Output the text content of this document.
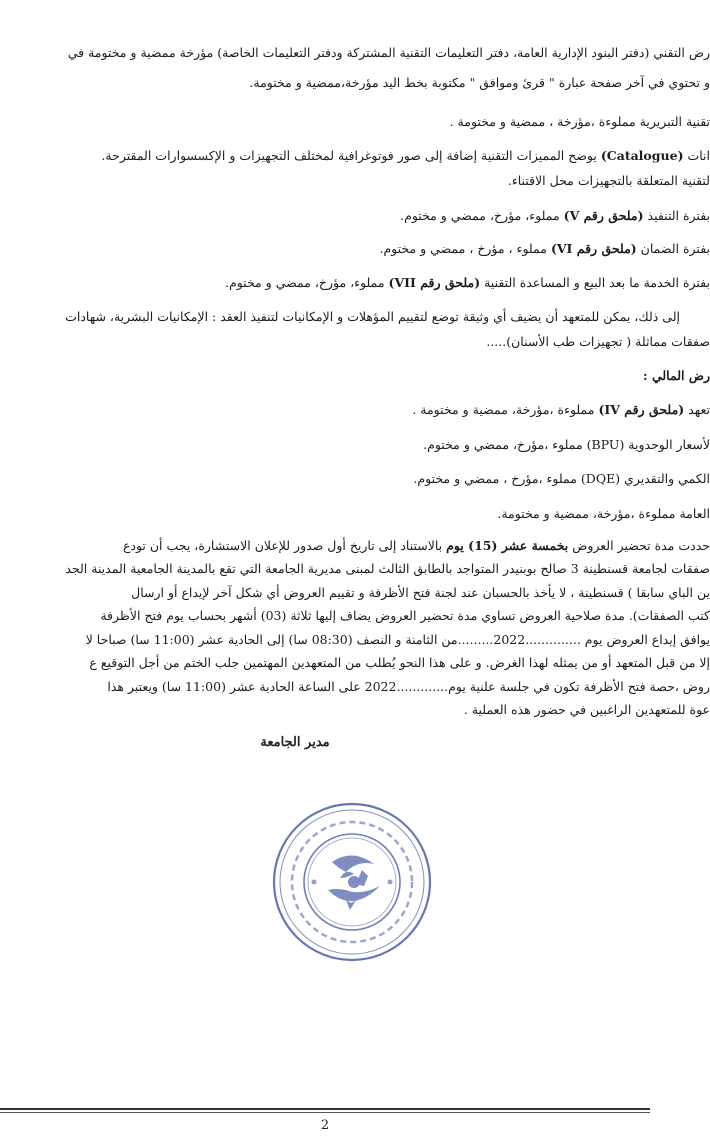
رض التقني (دفتر البنود الإدارية العامة، دفتر التعليمات التقنية المشتركة ودفتر التعليمات الخاصة) مؤرخة ممضية و مختومة في
و تحتوي في آخر صفحة عبارة " قرئ وموافق " مكتوبة بخط اليد مؤرخة،ممضية و مختومة.
تقنية التبريرية مملوءة ،مؤرخة ، ممضية و مختومة .
انات (Catalogue) يوضح المميزات التقنية إضافة إلى صور فوتوغرافية لمختلف التجهيزات و الإكسسوارات المقترحة.
لتقنية المتعلقة بالتجهيزات محل الاقتناء.
بفترة التنفيذ (ملحق رقم V) مملوء، مؤرخ، ممضي و مختوم.
بفترة الضمان (ملحق رقم VI) مملوء ، مؤرخ ، ممضي و مختوم.
بفترة الخدمة ما بعد البيع و المساعدة التقنية (ملحق رقم VII) مملوء، مؤرخ، ممضي و مختوم.
إلى ذلك، يمكن للمتعهد أن يضيف أي وثيقة توضع لتقييم المؤهلات و الإمكانيات لتنفيذ العقد : الإمكانيات البشرية، شهادات
صفقات مماثلة ( تجهيزات طب الأسنان).....
رض المالي :
تعهد (ملحق رقم IV) مملوءة ،مؤرخة، ممضية و مختومة .
لأسعار الوحدوية (BPU) مملوء ،مؤرخ، ممضي و مختوم.
الكمي والتقديري (DQE) مملوء ،مؤرخ ، ممضي و مختوم.
العامة مملوءة ،مؤرخة، ممضية و مختومة.
حددت مدة تحضير العروض بخمسة عشر (15) يوم بالاستناد إلى تاريخ أول صدور للإعلان الاستشارة، يجب أن تودع
صفقات لجامعة قسنطينة 3 صالح بوبنيدر المتواجد بالطابق الثالث لمبنى مديرية الجامعة التي تقع بالمدينة الجامعية المدينة الجد
ين الباي سابقا ) قسنطينة ، لا يأخذ بالحسبان عند لجنة فتح الأظرفة و تقييم العروض أي شكل آخر لإيداع أو ارسال
كتب الصفقات). مدة صلاحية العروض تساوي مدة تحضير العروض يضاف إليها ثلاثة (03) أشهر بحساب يوم فتح الأظرفة
يوافق إيداع العروض يوم ..............2022.........من الثامنة و النصف (08:30 سا) إلى الحادية عشر (11:00 سا) صباحا لا
إلا من قبل المتعهد أو من يمثله لهذا الغرض. و على هذا النحو يُطلب من المتعهدين المهتمين جلب الختم من أجل التوقيع ع
روض ،حصة فتح الأظرفة تكون في جلسة علنية يوم.............2022 على الساعة الحادية عشر (11:00 سا) ويعتبر هذا
عوة للمتعهدين الراغبين في حضور هذه العملية .
مدير الجامعة
2
